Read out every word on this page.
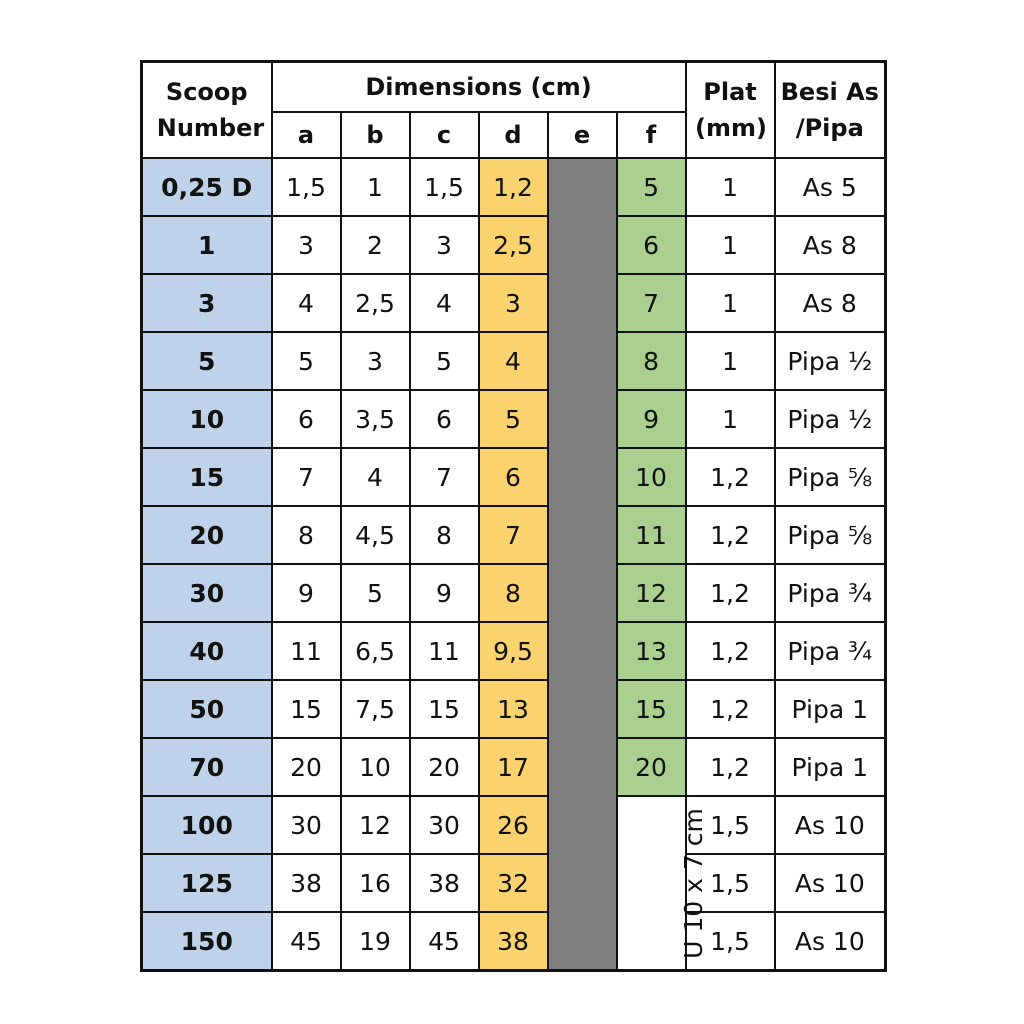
Scoop Number	Dimensions (cm)						Plat (mm)	Besi As /Pipa
	a	b	c	d	e	f		
0,25 D	1,5	1	1,5	1,2		5	1	As 5
1	3	2	3	2,5		6	1	As 8
3	4	2,5	4	3		7	1	As 8
5	5	3	5	4		8	1	Pipa ½
10	6	3,5	6	5		9	1	Pipa ½
15	7	4	7	6		10	1,2	Pipa ⅝
20	8	4,5	8	7		11	1,2	Pipa ⅝
30	9	5	9	8		12	1,2	Pipa ¾
40	11	6,5	11	9,5		13	1,2	Pipa ¾
50	15	7,5	15	13		15	1,2	Pipa 1
70	20	10	20	17		20	1,2	Pipa 1
100	30	12	30	26		U 10 x 7 cm	1,5	As 10
125	38	16	38	32			1,5	As 10
150	45	19	45	38			1,5	As 10
